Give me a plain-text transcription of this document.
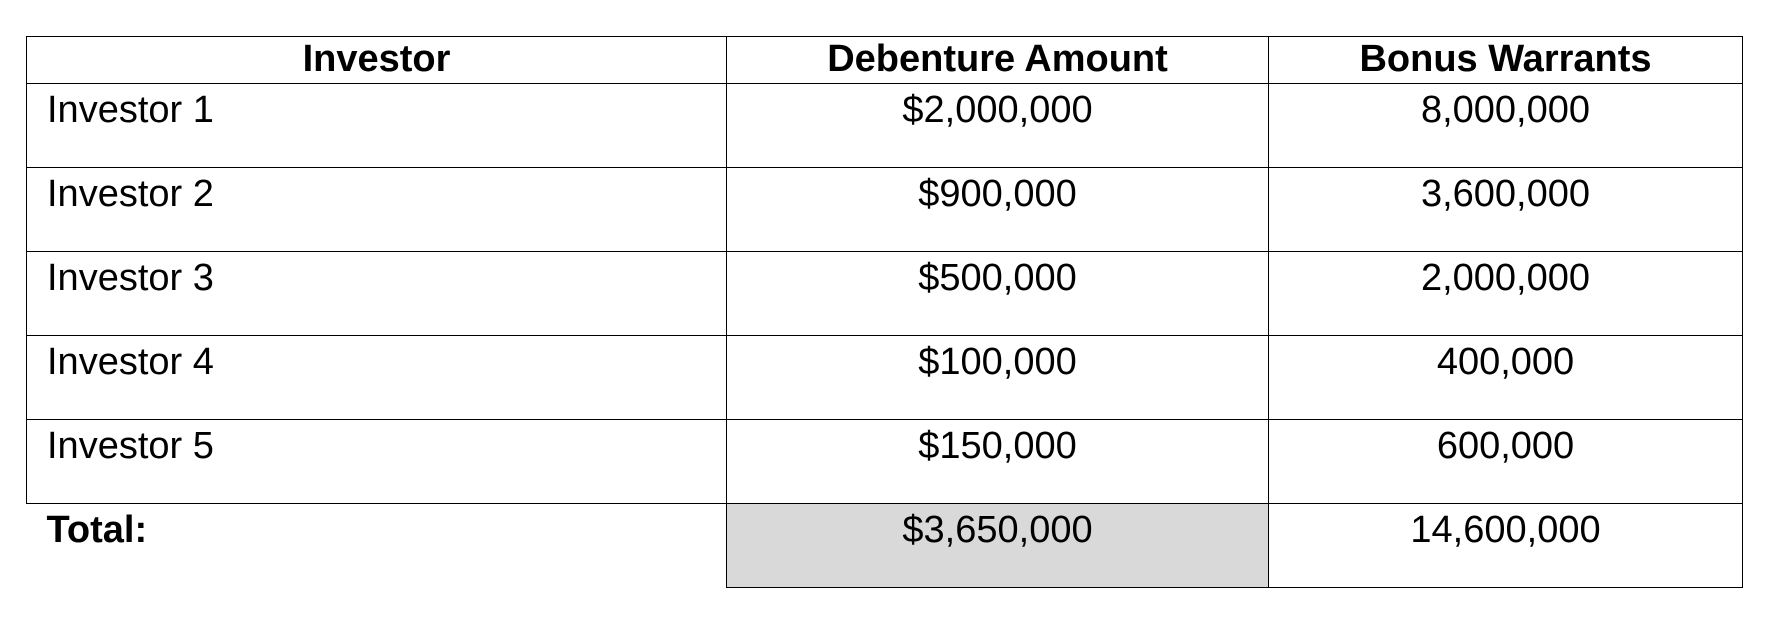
Investor	Debenture Amount	Bonus Warrants
Investor 1	$2,000,000	8,000,000
Investor 2	$900,000	3,600,000
Investor 3	$500,000	2,000,000
Investor 4	$100,000	400,000
Investor 5	$150,000	600,000
Total:	$3,650,000	14,600,000
